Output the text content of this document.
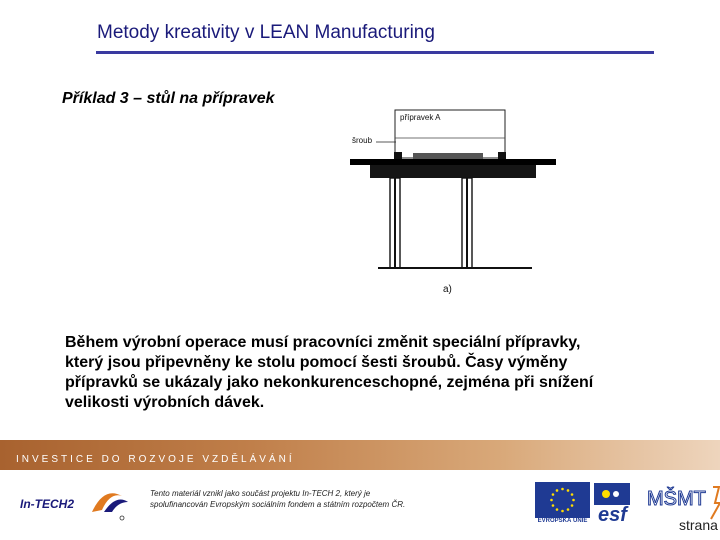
Metody kreativity v LEAN Manufacturing
Příklad 3 – stůl na přípravek
přípravek A
šroub
a)
Během výrobní operace musí pracovníci změnit speciální přípravky,
který jsou připevněny ke stolu pomocí šesti šroubů. Časy výměny
přípravků se ukázaly jako nekonkurenceschopné, zejména při snížení
velikosti výrobních dávek.
INVESTICE DO ROZVOJE VZDĚLÁVÁNÍ
In-TECH2
Tento materiál vznikl jako součást projektu In-TECH 2, který je
spolufinancován Evropským sociálním fondem a státním rozpočtem ČR.
EVROPSKÁ UNIE esf
MŠMT
strana
